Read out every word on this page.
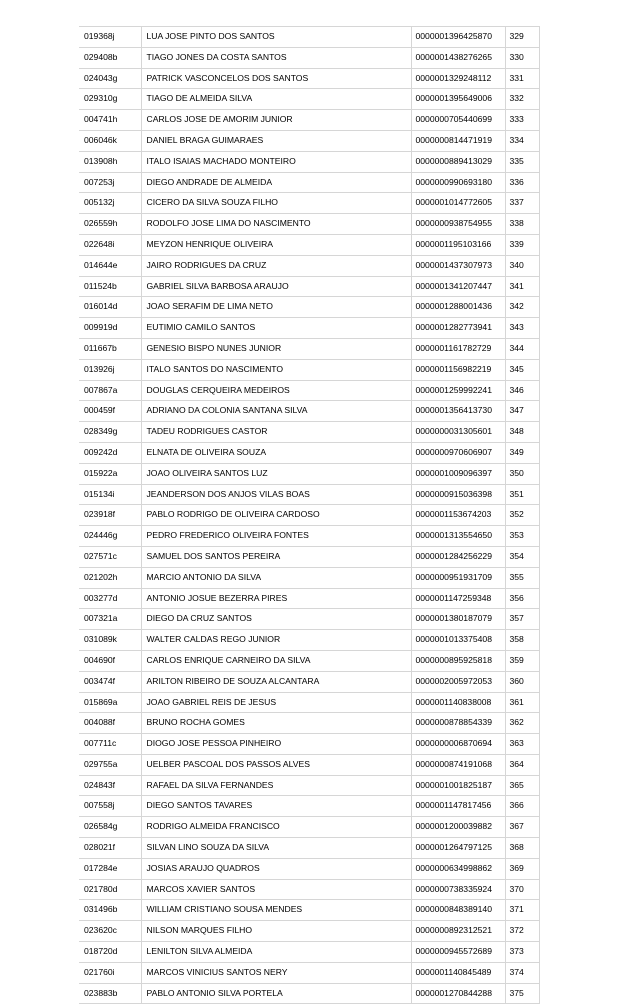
019368j	LUA JOSE PINTO DOS SANTOS	0000001396425870	329
029408b	TIAGO JONES DA COSTA SANTOS	0000001438276265	330
024043g	PATRICK VASCONCELOS DOS SANTOS	0000001329248112	331
029310g	TIAGO DE ALMEIDA SILVA	0000001395649006	332
004741h	CARLOS JOSE DE AMORIM JUNIOR	0000000705440699	333
006046k	DANIEL BRAGA GUIMARAES	0000000814471919	334
013908h	ITALO ISAIAS MACHADO MONTEIRO	0000000889413029	335
007253j	DIEGO ANDRADE DE ALMEIDA	0000000990693180	336
005132j	CICERO DA SILVA SOUZA FILHO	0000001014772605	337
026559h	RODOLFO JOSE LIMA DO NASCIMENTO	0000000938754955	338
022648i	MEYZON HENRIQUE OLIVEIRA	0000001195103166	339
014644e	JAIRO RODRIGUES DA CRUZ	0000001437307973	340
011524b	GABRIEL SILVA BARBOSA ARAUJO	0000001341207447	341
016014d	JOAO SERAFIM DE LIMA NETO	0000001288001436	342
009919d	EUTIMIO CAMILO SANTOS	0000001282773941	343
011667b	GENESIO BISPO NUNES JUNIOR	0000001161782729	344
013926j	ITALO SANTOS DO NASCIMENTO	0000001156982219	345
007867a	DOUGLAS CERQUEIRA MEDEIROS	0000001259992241	346
000459f	ADRIANO DA COLONIA SANTANA SILVA	0000001356413730	347
028349g	TADEU RODRIGUES CASTOR	0000000031305601	348
009242d	ELNATA DE OLIVEIRA SOUZA	0000000970606907	349
015922a	JOAO OLIVEIRA SANTOS LUZ	0000001009096397	350
015134i	JEANDERSON DOS ANJOS VILAS BOAS	0000000915036398	351
023918f	PABLO RODRIGO DE OLIVEIRA CARDOSO	0000001153674203	352
024446g	PEDRO FREDERICO OLIVEIRA FONTES	0000001313554650	353
027571c	SAMUEL DOS SANTOS PEREIRA	0000001284256229	354
021202h	MARCIO ANTONIO DA SILVA	0000000951931709	355
003277d	ANTONIO JOSUE BEZERRA PIRES	0000001147259348	356
007321a	DIEGO DA CRUZ SANTOS	0000001380187079	357
031089k	WALTER CALDAS REGO JUNIOR	0000001013375408	358
004690f	CARLOS ENRIQUE CARNEIRO DA SILVA	0000000895925818	359
003474f	ARILTON RIBEIRO DE SOUZA ALCANTARA	0000002005972053	360
015869a	JOAO GABRIEL REIS DE JESUS	0000001140838008	361
004088f	BRUNO ROCHA GOMES	0000000878854339	362
007711c	DIOGO JOSE PESSOA PINHEIRO	0000000006870694	363
029755a	UELBER PASCOAL DOS PASSOS ALVES	0000000874191068	364
024843f	RAFAEL DA SILVA FERNANDES	0000001001825187	365
007558j	DIEGO SANTOS TAVARES	0000001147817456	366
026584g	RODRIGO ALMEIDA FRANCISCO	0000001200039882	367
028021f	SILVAN LINO SOUZA DA SILVA	0000001264797125	368
017284e	JOSIAS ARAUJO QUADROS	0000000634998862	369
021780d	MARCOS XAVIER SANTOS	0000000738335924	370
031496b	WILLIAM CRISTIANO SOUSA MENDES	0000000848389140	371
023620c	NILSON MARQUES FILHO	0000000892312521	372
018720d	LENILTON SILVA ALMEIDA	0000000945572689	373
021760i	MARCOS VINICIUS SANTOS NERY	0000001140845489	374
023883b	PABLO ANTONIO SILVA PORTELA	0000001270844288	375
